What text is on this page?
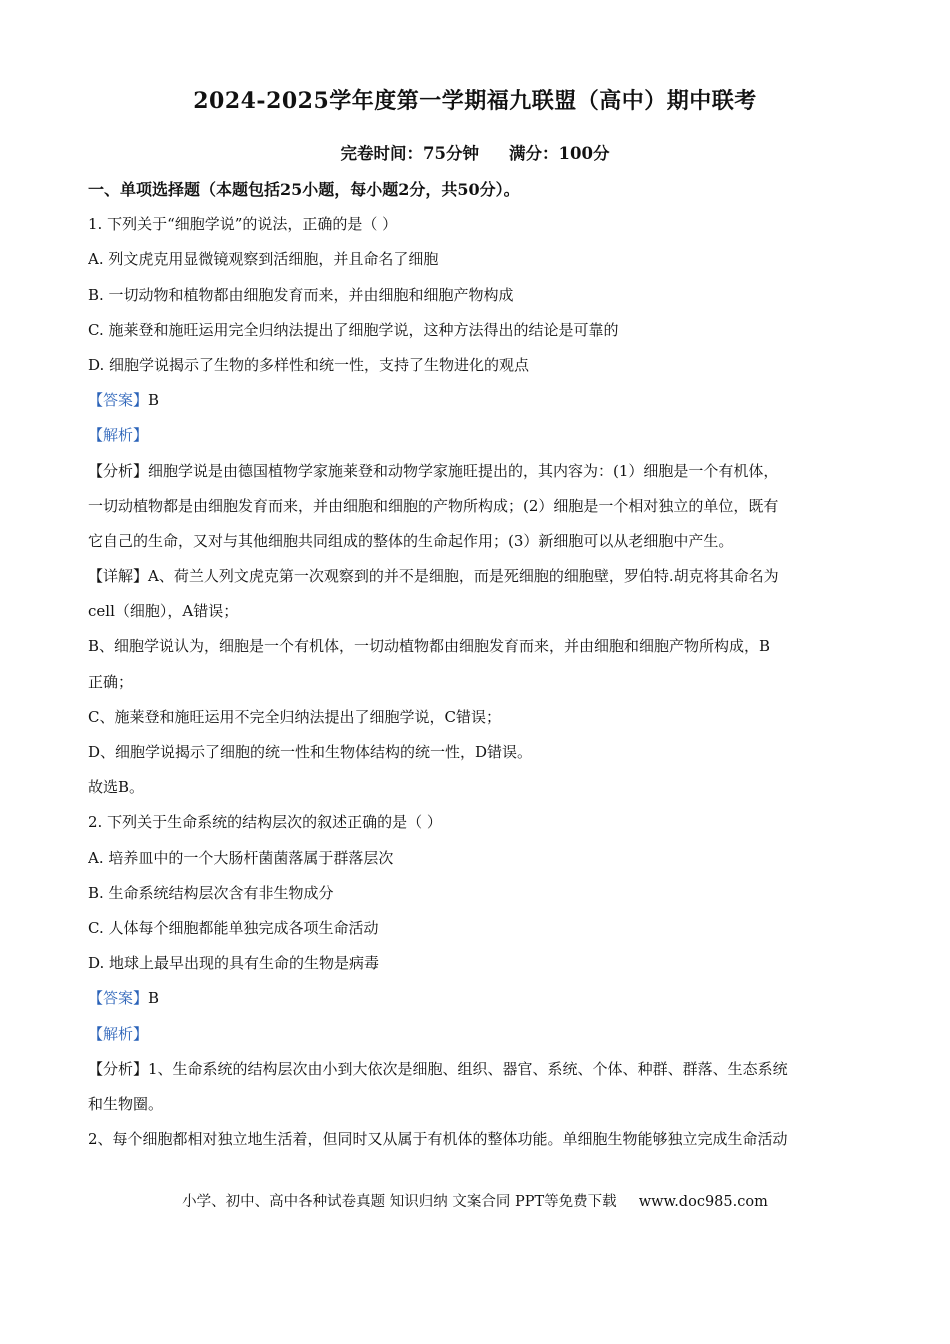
2024-2025学年度第一学期福九联盟（高中）期中联考
完卷时间：75分钟 满分：100分
一、单项选择题（本题包括25小题，每小题2分，共50分）。
1. 下列关于“细胞学说”的说法，正确的是（ ）
A. 列文虎克用显微镜观察到活细胞，并且命名了细胞
B. 一切动物和植物都由细胞发育而来，并由细胞和细胞产物构成
C. 施莱登和施旺运用完全归纳法提出了细胞学说，这种方法得出的结论是可靠的
D. 细胞学说揭示了生物的多样性和统一性，支持了生物进化的观点
【答案】B
【解析】
【分析】细胞学说是由德国植物学家施莱登和动物学家施旺提出的，其内容为：(1）细胞是一个有机体，
一切动植物都是由细胞发育而来，并由细胞和细胞的产物所构成；(2）细胞是一个相对独立的单位，既有
它自己的生命，又对与其他细胞共同组成的整体的生命起作用；(3）新细胞可以从老细胞中产生。
【详解】A、荷兰人列文虎克第一次观察到的并不是细胞，而是死细胞的细胞壁，罗伯特.胡克将其命名为
cell（细胞），A错误；
B、细胞学说认为，细胞是一个有机体，一切动植物都由细胞发育而来，并由细胞和细胞产物所构成，B
正确；
C、施莱登和施旺运用不完全归纳法提出了细胞学说，C错误；
D、细胞学说揭示了细胞的统一性和生物体结构的统一性，D错误。
故选B。
2. 下列关于生命系统的结构层次的叙述正确的是（ ）
A. 培养皿中的一个大肠杆菌菌落属于群落层次
B. 生命系统结构层次含有非生物成分
C. 人体每个细胞都能单独完成各项生命活动
D. 地球上最早出现的具有生命的生物是病毒
【答案】B
【解析】
【分析】1、生命系统的结构层次由小到大依次是细胞、组织、器官、系统、个体、种群、群落、生态系统
和生物圈。
2、每个细胞都相对独立地生活着，但同时又从属于有机体的整体功能。单细胞生物能够独立完成生命活动
小学、初中、高中各种试卷真题 知识归纳 文案合同 PPT等免费下载 www.doc985.com
